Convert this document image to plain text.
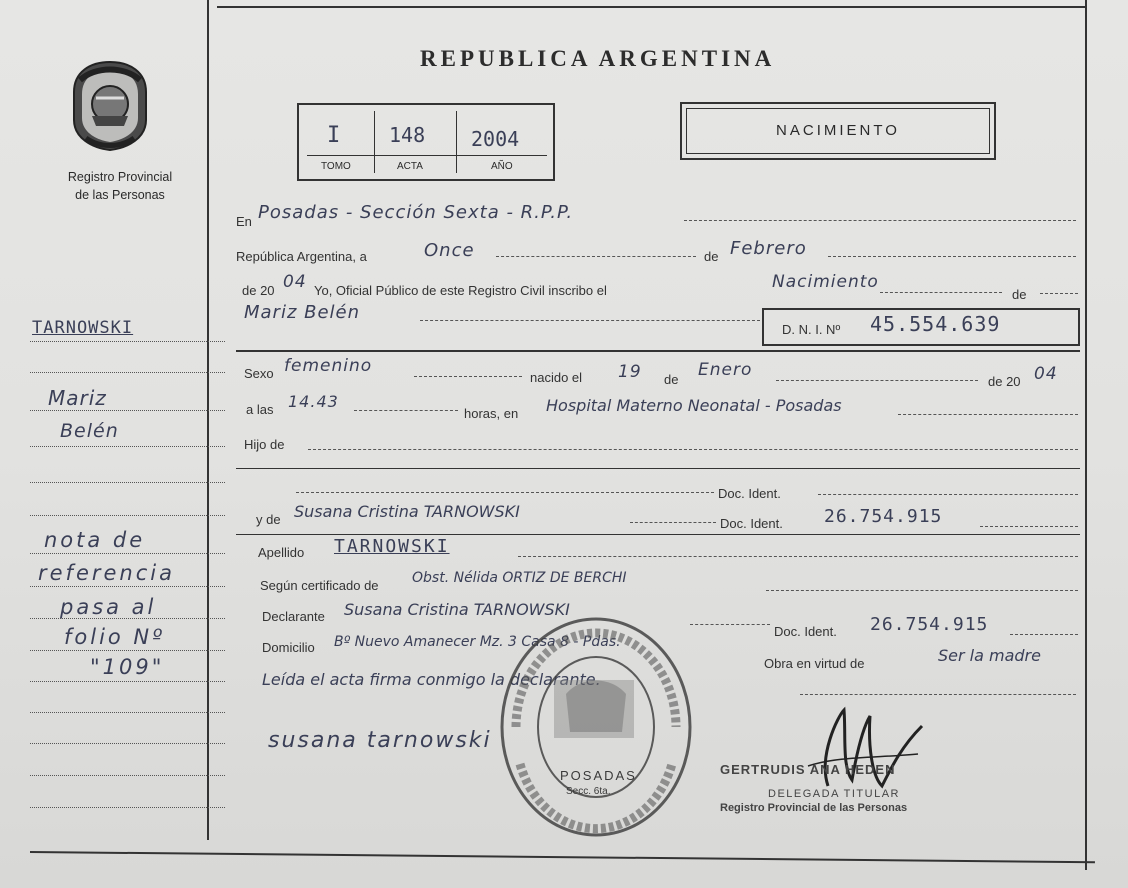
Registro Provincial
de las Personas
REPUBLICA ARGENTINA
I 148 2004
TOMO	ACTA	AÑO
NACIMIENTO
TARNOWSKI
Mariz
Belén
nota de
referencia
pasa al
folio Nº
"109"
En Posadas - Sección Sexta - R.P.P.
República Argentina, a	Once	de Febrero
de 20 04 Yo, Oficial Público de este Registro Civil inscribo el	Nacimiento
de
Mariz Belén
D. N. I. Nº 45.554.639
Sexo femenino
nacido el 19 de Enero
de 20 04
a las 14.43
horas, en Hospital Materno Neonatal - Posadas
Hijo de
Doc. Ident.
y de Susana Cristina TARNOWSKI
Doc. Ident. 26.754.915
Apellido TARNOWSKI
Según certificado de Obst. Nélida ORTIZ DE BERCHI
Declarante Susana Cristina TARNOWSKI
Doc. Ident. 26.754.915
Domicilio Bº Nuevo Amanecer Mz. 3 Casa 8 - Pdas.
Obra en virtud de	Ser la madre
Leída el acta firma conmigo la declarante.
susana tarnowski
POSADAS
Secc. 6ta.
GERTRUDIS ANA HEDEN
DELEGADA TITULAR
Registro Provincial de las Personas
